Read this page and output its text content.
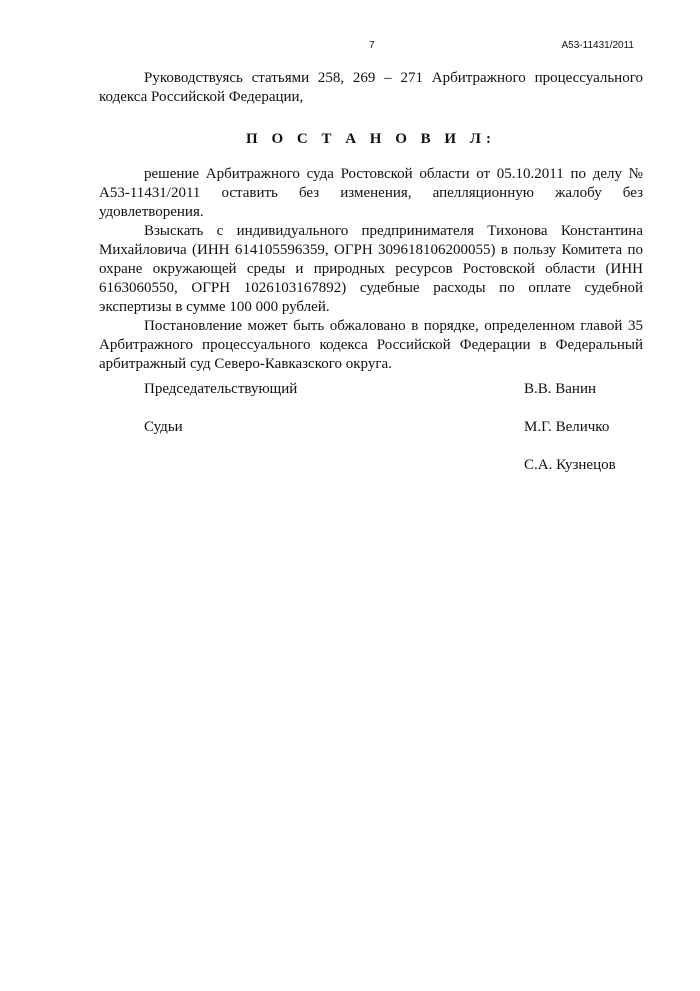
7	А53-11431/2011

Руководствуясь статьями 258, 269 – 271 Арбитражного процессуального кодекса Российской Федерации,

П О С Т А Н О В И Л:

решение Арбитражного суда Ростовской области от 05.10.2011 по делу № А53-11431/2011 оставить без изменения, апелляционную жалобу без удовлетворения.

Взыскать с индивидуального предпринимателя Тихонова Константина Михайловича (ИНН 614105596359, ОГРН 309618106200055) в пользу Комитета по охране окружающей среды и природных ресурсов Ростовской области (ИНН 6163060550, ОГРН 1026103167892) судебные расходы по оплате судебной экспертизы в сумме 100 000 рублей.

Постановление может быть обжаловано в порядке, определенном главой 35 Арбитражного процессуального кодекса Российской Федерации в Федеральный арбитражный суд Северо-Кавказского округа.

Председательствующий	В.В. Ванин
Судьи	М.Г. Величко
С.А. Кузнецов
